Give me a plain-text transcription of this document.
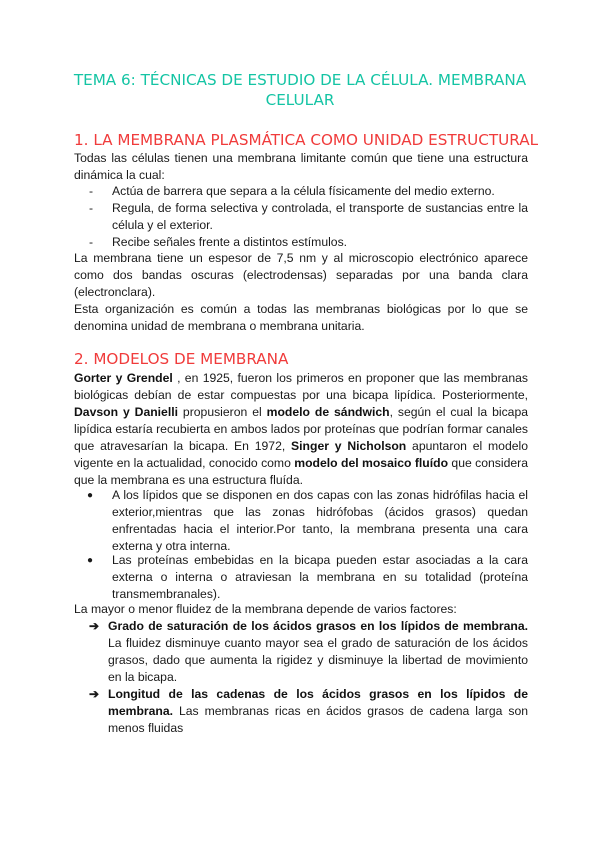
TEMA 6: TÉCNICAS DE ESTUDIO DE LA CÉLULA. MEMBRANA
CELULAR
1. LA MEMBRANA PLASMÁTICA COMO UNIDAD ESTRUCTURAL
Todas las células tienen una membrana limitante común que tiene una estructura dinámica la cual:
- Actúa de barrera que separa a la célula físicamente del medio externo.
- Regula, de forma selectiva y controlada, el transporte de sustancias entre la célula y el exterior.
- Recibe señales frente a distintos estímulos.
La membrana tiene un espesor de 7,5 nm y al microscopio electrónico aparece como dos bandas oscuras (electrodensas) separadas por una banda clara (electronclara).
Esta organización es común a todas las membranas biológicas por lo que se denomina unidad de membrana o membrana unitaria.
2. MODELOS DE MEMBRANA
Gorter y Grendel , en 1925, fueron los primeros en proponer que las membranas biológicas debían de estar compuestas por una bicapa lipídica. Posteriormente, Davson y Danielli propusieron el modelo de sándwich, según el cual la bicapa lipídica estaría recubierta en ambos lados por proteínas que podrían formar canales que atravesarían la bicapa. En 1972, Singer y Nicholson apuntaron el modelo vigente en la actualidad, conocido como modelo del mosaico fluído que considera que la membrana es una estructura fluída.
● A los lípidos que se disponen en dos capas con las zonas hidrófilas hacia el exterior,mientras que las zonas hidrófobas (ácidos grasos) quedan enfrentadas hacia el interior.Por tanto, la membrana presenta una cara externa y otra interna.
● Las proteínas embebidas en la bicapa pueden estar asociadas a la cara externa o interna o atraviesan la membrana en su totalidad (proteína transmembranales).
La mayor o menor fluidez de la membrana depende de varios factores:
➔ Grado de saturación de los ácidos grasos en los lípidos de membrana. La fluidez disminuye cuanto mayor sea el grado de saturación de los ácidos grasos, dado que aumenta la rigidez y disminuye la libertad de movimiento en la bicapa.
➔ Longitud de las cadenas de los ácidos grasos en los lípidos de membrana. Las membranas ricas en ácidos grasos de cadena larga son menos fluidas
